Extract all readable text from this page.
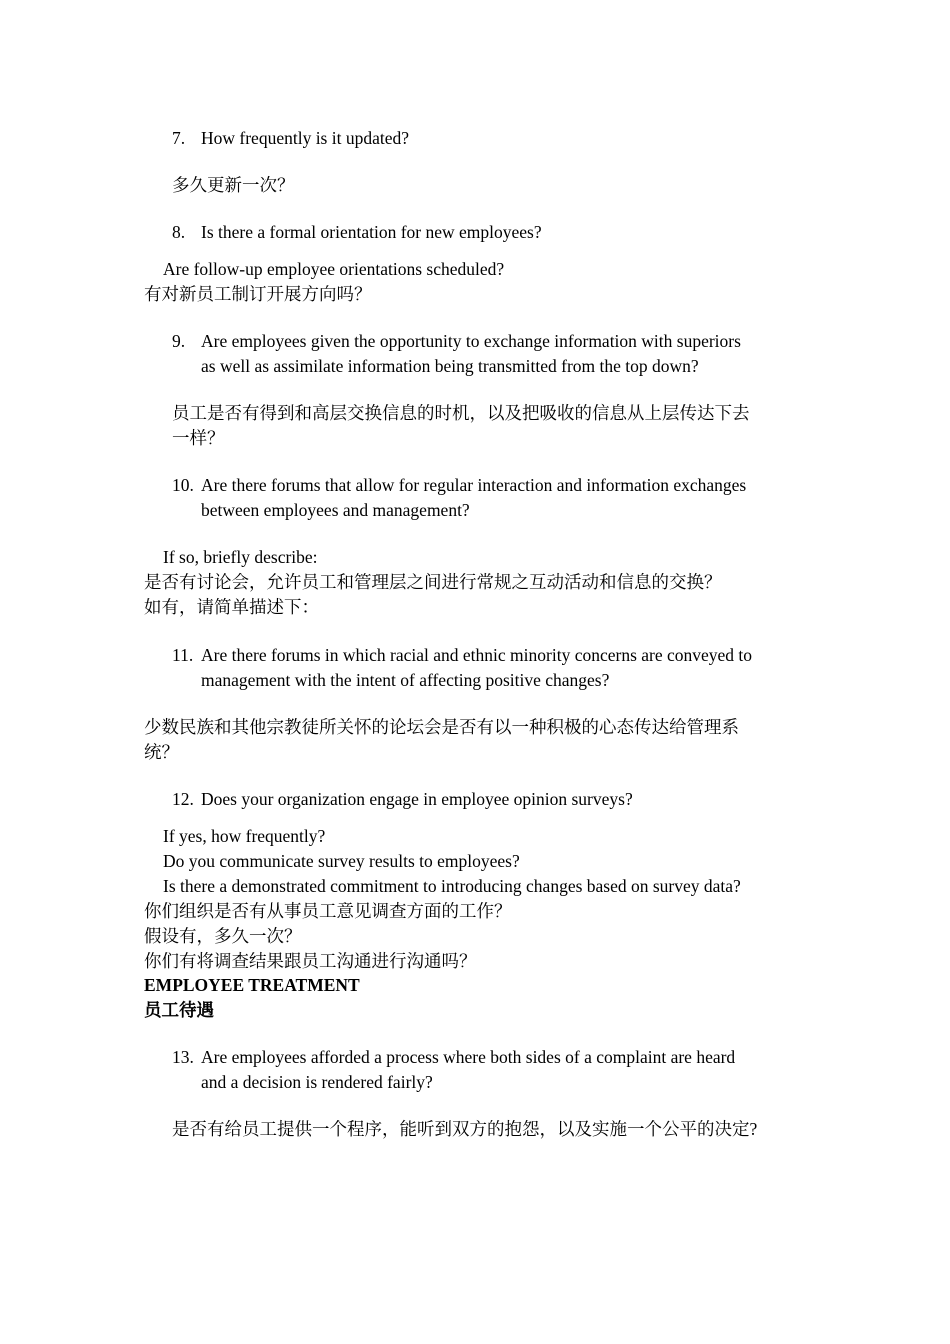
7. How frequently is it updated?
多久更新一次？
8. Is there a formal orientation for new employees?
Are follow-up employee orientations scheduled?
有对新员工制订开展方向吗？
9. Are employees given the opportunity to exchange information with superiors
as well as assimilate information being transmitted from the top down?
员工是否有得到和高层交换信息的时机，以及把吸收的信息从上层传达下去
一样？
10. Are there forums that allow for regular interaction and information exchanges
between employees and management?
If so, briefly describe:
是否有讨论会，允许员工和管理层之间进行常规之互动活动和信息的交换？
如有，请简单描述下：
11. Are there forums in which racial and ethnic minority concerns are conveyed to
management with the intent of affecting positive changes?
少数民族和其他宗教徒所关怀的论坛会是否有以一种积极的心态传达给管理系
统？
12. Does your organization engage in employee opinion surveys?
If yes, how frequently?
Do you communicate survey results to employees?
Is there a demonstrated commitment to introducing changes based on survey data?
你们组织是否有从事员工意见调查方面的工作？
假设有，多久一次？
你们有将调查结果跟员工沟通进行沟通吗？
EMPLOYEE TREATMENT
员工待遇
13. Are employees afforded a process where both sides of a complaint are heard
and a decision is rendered fairly?
是否有给员工提供一个程序，能听到双方的抱怨，以及实施一个公平的决定?
